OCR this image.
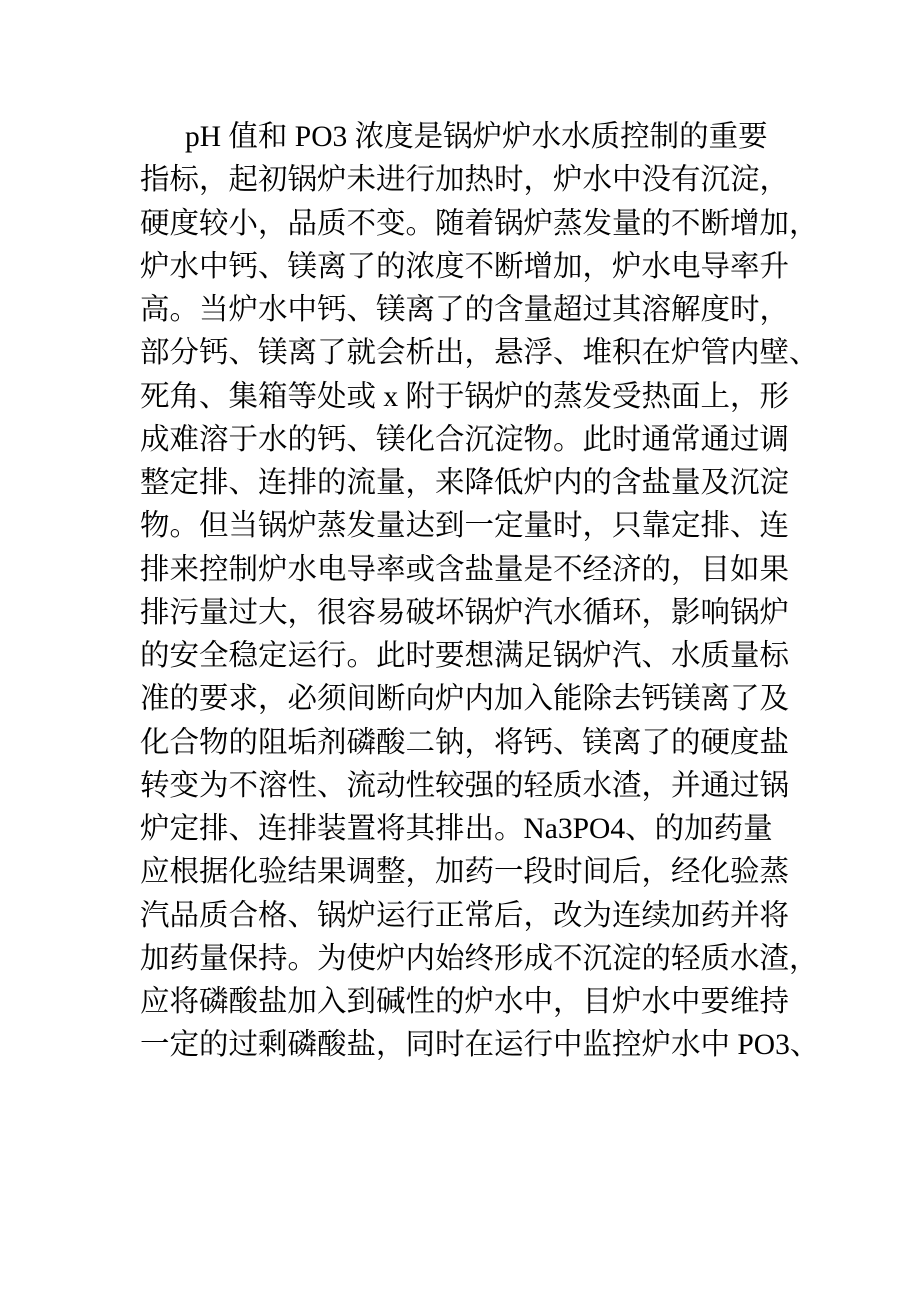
pH 值和 PO3 浓度是锅炉炉水水质控制的重要
指标，起初锅炉未进行加热时，炉水中没有沉淀，
硬度较小，品质不变。随着锅炉蒸发量的不断增加，
炉水中钙、镁离了的浓度不断增加，炉水电导率升
高。当炉水中钙、镁离了的含量超过其溶解度时，
部分钙、镁离了就会析出，悬浮、堆积在炉管内壁、
死角、集箱等处或 x 附于锅炉的蒸发受热面上，形
成难溶于水的钙、镁化合沉淀物。此时通常通过调
整定排、连排的流量，来降低炉内的含盐量及沉淀
物。但当锅炉蒸发量达到一定量时，只靠定排、连
排来控制炉水电导率或含盐量是不经济的，目如果
排污量过大，很容易破坏锅炉汽水循环，影响锅炉
的安全稳定运行。此时要想满足锅炉汽、水质量标
准的要求，必须间断向炉内加入能除去钙镁离了及
化合物的阻垢剂磷酸二钠，将钙、镁离了的硬度盐
转变为不溶性、流动性较强的轻质水渣，并通过锅
炉定排、连排装置将其排出。Na3PO4、的加药量
应根据化验结果调整，加药一段时间后，经化验蒸
汽品质合格、锅炉运行正常后，改为连续加药并将
加药量保持。为使炉内始终形成不沉淀的轻质水渣，
应将磷酸盐加入到碱性的炉水中，目炉水中要维持
一定的过剩磷酸盐，同时在运行中监控炉水中 PO3、
